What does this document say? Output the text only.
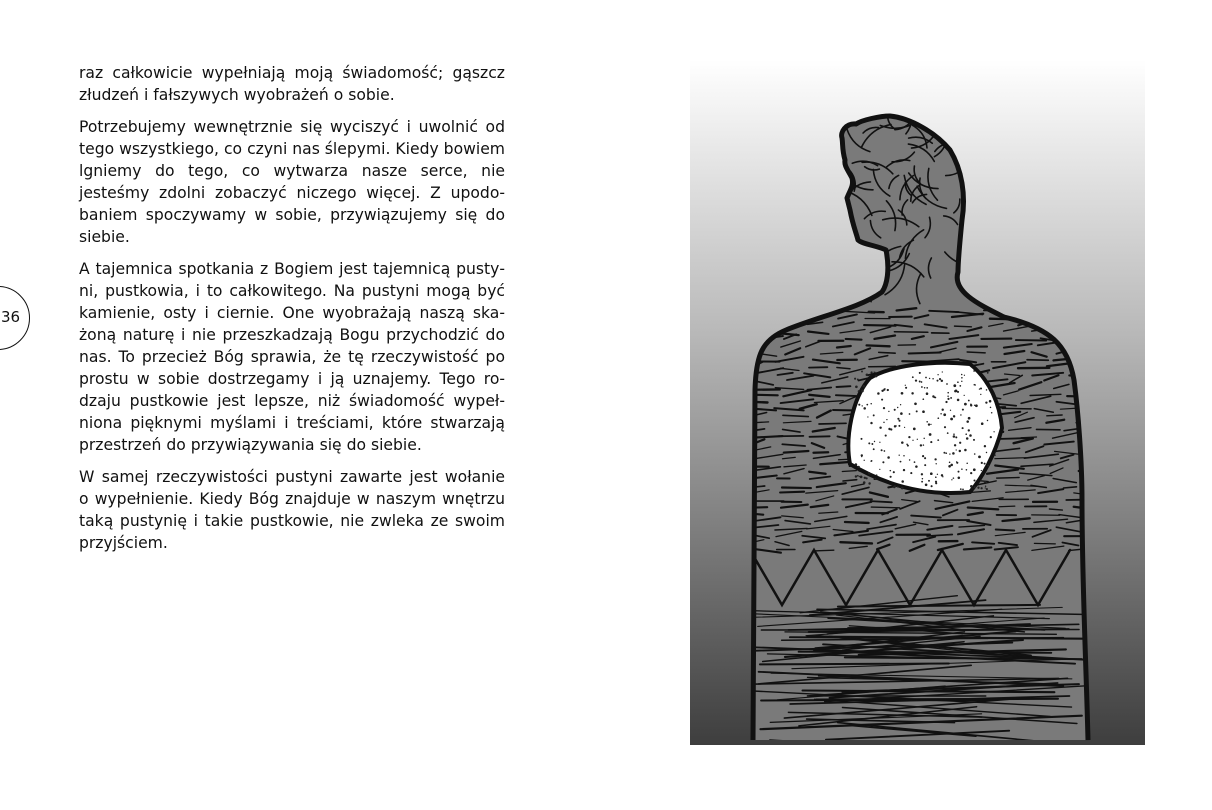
36

raz całkowicie wypełniają moją świadomość; gąszcz złudzeń i fałszywych wyobrażeń o sobie.

Potrzebujemy wewnętrznie się wyciszyć i uwolnić od tego wszystkiego, co czyni nas ślepymi. Kiedy bowiem lgniemy do tego, co wytwarza nasze serce, nie jesteśmy zdolni zobaczyć niczego więcej. Z upodobaniem spoczywamy w sobie, przywiązujemy się do siebie.

A tajemnica spotkania z Bogiem jest tajemnicą pustyni, pustkowia, i to całkowitego. Na pustyni mogą być kamienie, osty i ciernie. One wyobrażają naszą skażoną naturę i nie przeszkadzają Bogu przychodzić do nas. To przecież Bóg sprawia, że tę rzeczywistość po prostu w sobie dostrzegamy i ją uznajemy. Tego rodzaju pustkowie jest lepsze, niż świadomość wypełniona pięknymi myślami i treściami, które stwarzają przestrzeń do przywiązywania się do siebie.

W samej rzeczywistości pustyni zawarte jest wołanie o wypełnienie. Kiedy Bóg znajduje w naszym wnętrzu taką pustynię i takie pustkowie, nie zwleka ze swoim przyjściem.
